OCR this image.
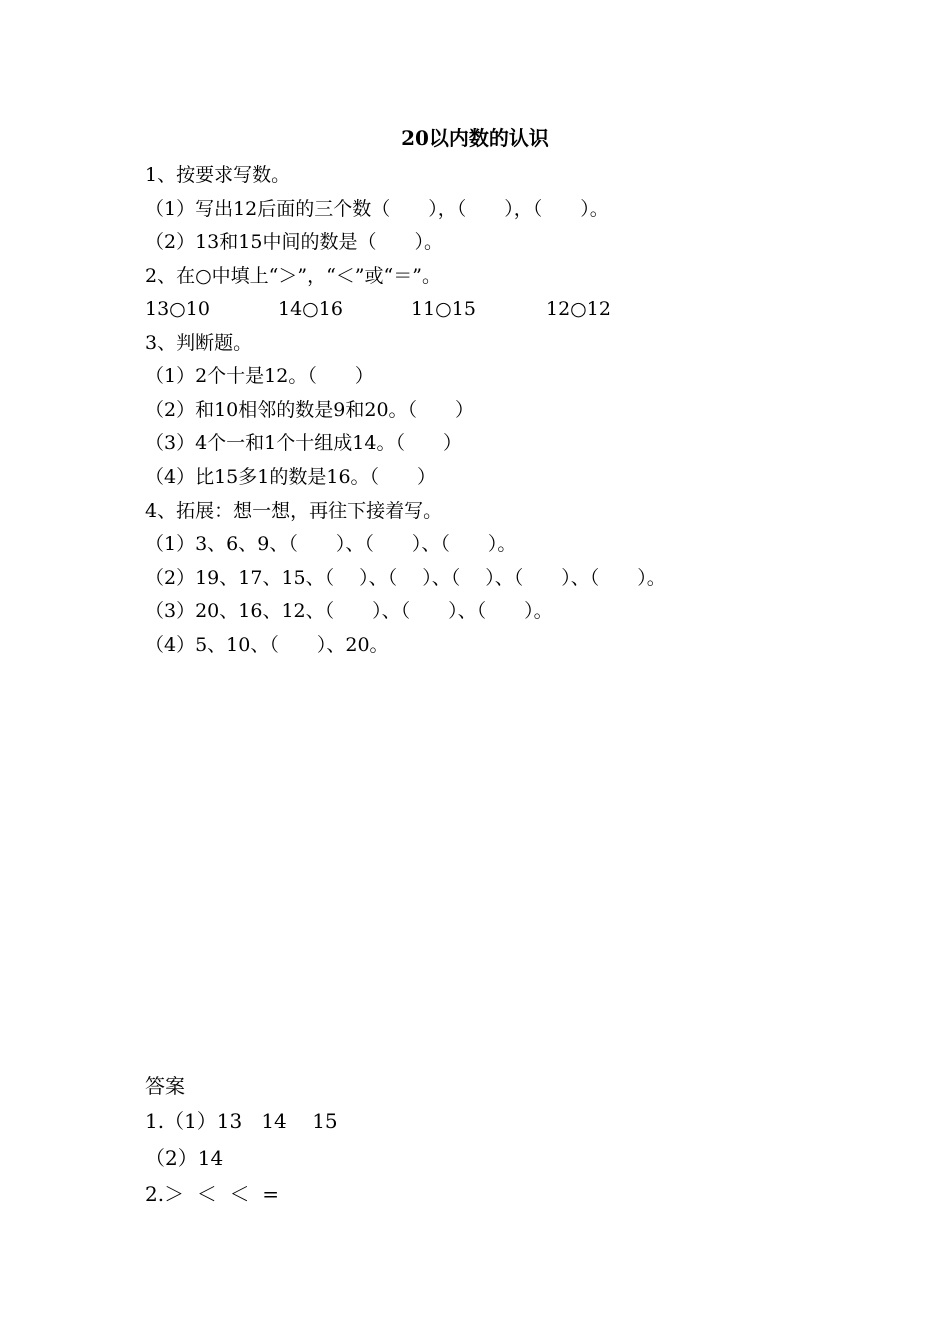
20以内数的认识
1、按要求写数。
（1）写出12后面的三个数（　　），（　　），（　　）。
（2）13和15中间的数是（　　）。
2、在○中填上“＞”，“＜”或“＝”。
13○10	14○16	11○15	12○12
3、判断题。
（1）2个十是12。（　　）
（2）和10相邻的数是9和20。（　　）
（3）4个一和1个十组成14。（　　）
（4）比15多1的数是16。（　　）
4、拓展：想一想，再往下接着写。
（1）3、6、9、（　　）、（　　）、（　　）。
（2）19、17、15、（　 ）、（　 ）、（　 ）、（　　）、（　　）。
（3）20、16、12、（　　）、（　　）、（　　）。
（4）5、10、（　　）、20。
答案
1.（1）13   14    15
（2）14
2.＞  ＜  ＜  =
